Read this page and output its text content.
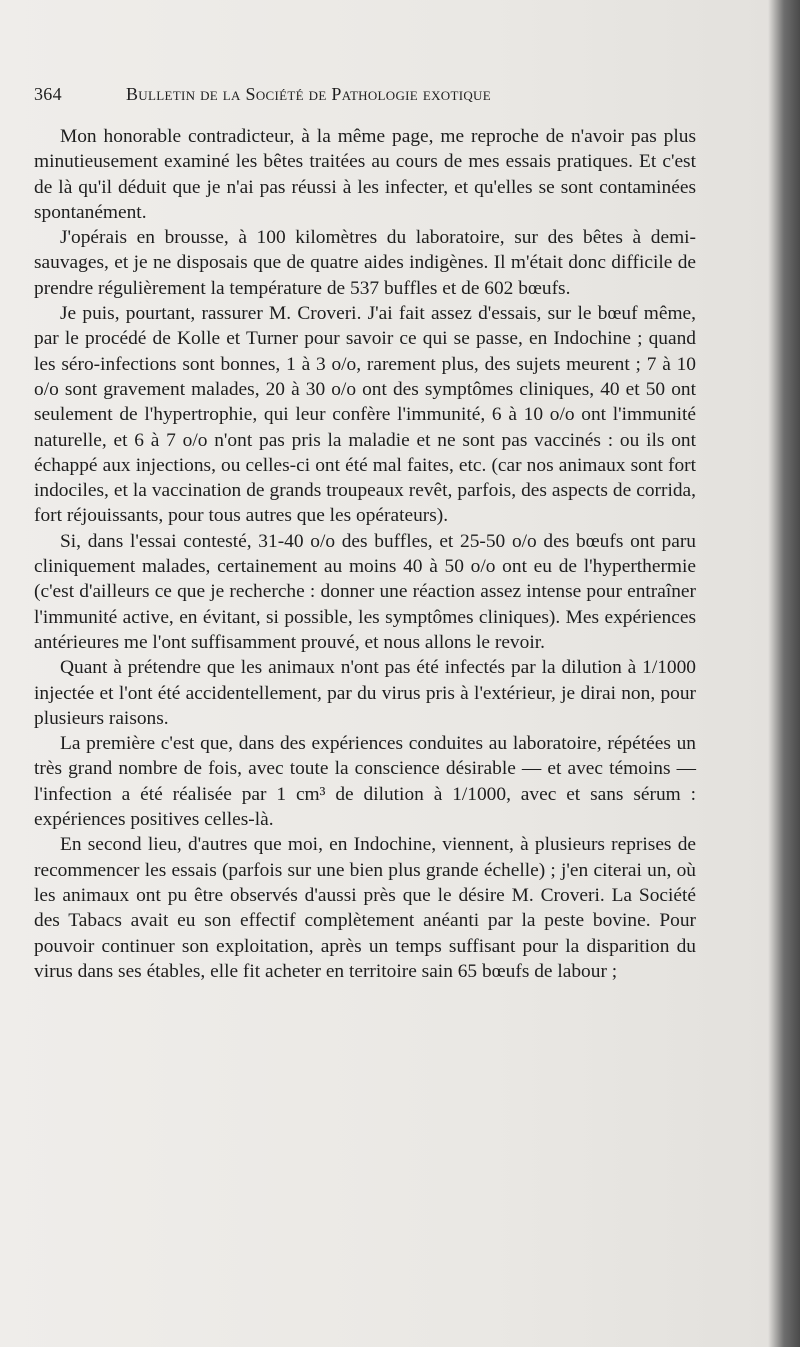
364	Bulletin de la Société de Pathologie exotique

Mon honorable contradicteur, à la même page, me reproche de n'avoir pas plus minutieusement examiné les bêtes traitées au cours de mes essais pratiques. Et c'est de là qu'il déduit que je n'ai pas réussi à les infecter, et qu'elles se sont contaminées spontanément.

J'opérais en brousse, à 100 kilomètres du laboratoire, sur des bêtes à demi-sauvages, et je ne disposais que de quatre aides indigènes. Il m'était donc difficile de prendre régulièrement la température de 537 buffles et de 602 bœufs.

Je puis, pourtant, rassurer M. Croveri. J'ai fait assez d'essais, sur le bœuf même, par le procédé de Kolle et Turner pour savoir ce qui se passe, en Indochine ; quand les séro-infections sont bonnes, 1 à 3 o/o, rarement plus, des sujets meurent ; 7 à 10 o/o sont gravement malades, 20 à 30 o/o ont des symptômes cliniques, 40 et 50 ont seulement de l'hypertrophie, qui leur confère l'immunité, 6 à 10 o/o ont l'immunité naturelle, et 6 à 7 o/o n'ont pas pris la maladie et ne sont pas vaccinés : ou ils ont échappé aux injections, ou celles-ci ont été mal faites, etc. (car nos animaux sont fort indociles, et la vaccination de grands troupeaux revêt, parfois, des aspects de corrida, fort réjouissants, pour tous autres que les opérateurs).

Si, dans l'essai contesté, 31-40 o/o des buffles, et 25-50 o/o des bœufs ont paru cliniquement malades, certainement au moins 40 à 50 o/o ont eu de l'hyperthermie (c'est d'ailleurs ce que je recherche : donner une réaction assez intense pour entraîner l'immunité active, en évitant, si possible, les symptômes cliniques). Mes expériences antérieures me l'ont suffisamment prouvé, et nous allons le revoir.

Quant à prétendre que les animaux n'ont pas été infectés par la dilution à 1/1000 injectée et l'ont été accidentellement, par du virus pris à l'extérieur, je dirai non, pour plusieurs raisons.

La première c'est que, dans des expériences conduites au laboratoire, répétées un très grand nombre de fois, avec toute la conscience désirable — et avec témoins — l'infection a été réalisée par 1 cm³ de dilution à 1/1000, avec et sans sérum : expériences positives celles-là.

En second lieu, d'autres que moi, en Indochine, viennent, à plusieurs reprises de recommencer les essais (parfois sur une bien plus grande échelle) ; j'en citerai un, où les animaux ont pu être observés d'aussi près que le désire M. Croveri. La Société des Tabacs avait eu son effectif complètement anéanti par la peste bovine. Pour pouvoir continuer son exploitation, après un temps suffisant pour la disparition du virus dans ses étables, elle fit acheter en territoire sain 65 bœufs de labour ;
